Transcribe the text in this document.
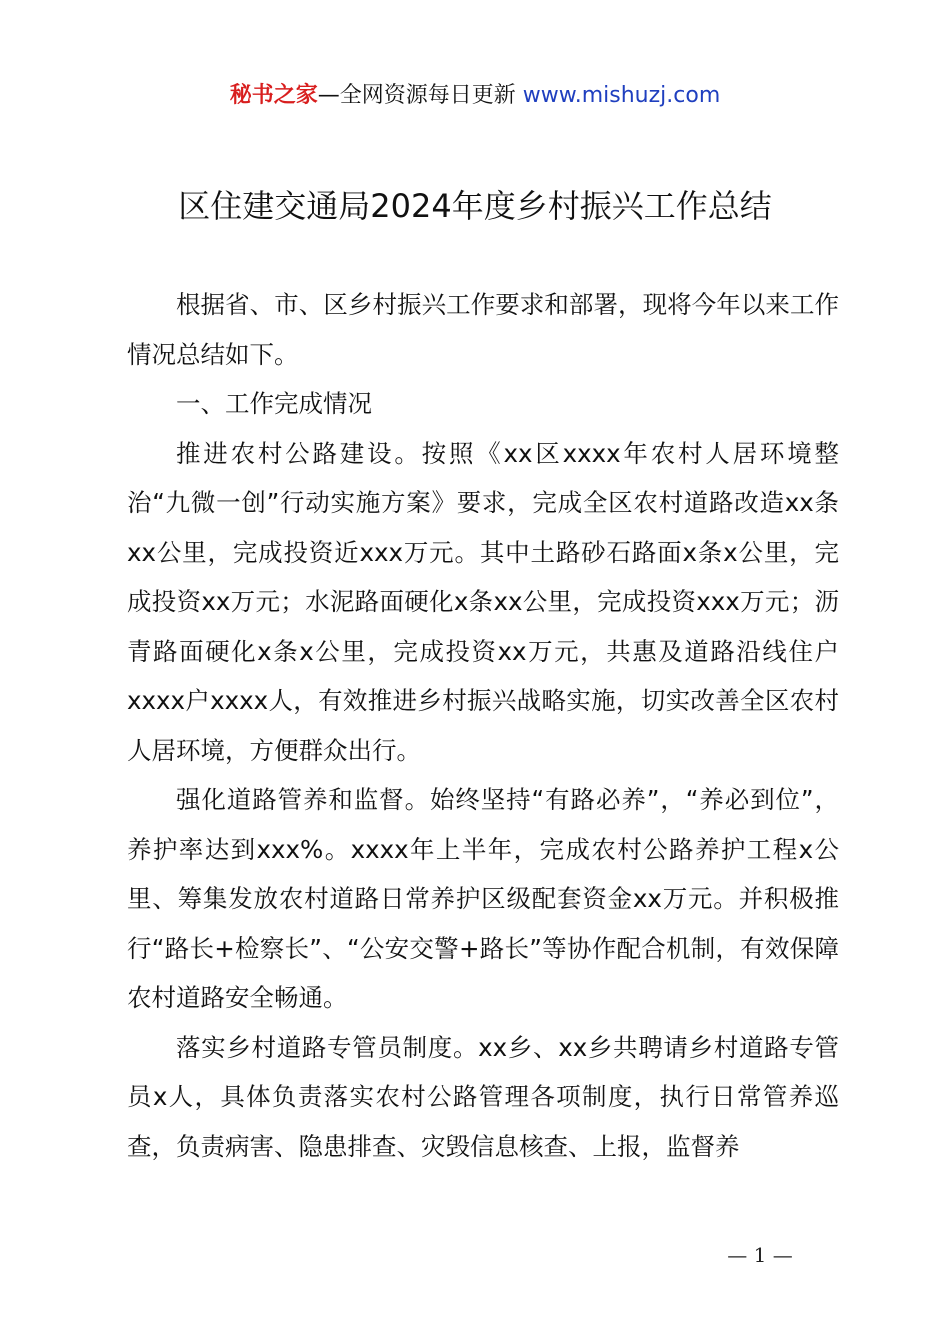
秘书之家—全网资源每日更新 www.mishuzj.com
区住建交通局2024年度乡村振兴工作总结

根据省、市、区乡村振兴工作要求和部署，现将今年以来工作情况总结如下。

一、工作完成情况

推进农村公路建设。按照《xx区xxxx年农村人居环境整治“九微一创”行动实施方案》要求，完成全区农村道路改造xx条xx公里，完成投资近xxx万元。其中土路砂石路面x条x公里，完成投资xx万元；水泥路面硬化x条xx公里，完成投资xxx万元；沥青路面硬化x条x公里，完成投资xx万元，共惠及道路沿线住户xxxx户xxxx人，有效推进乡村振兴战略实施，切实改善全区农村人居环境，方便群众出行。

强化道路管养和监督。始终坚持“有路必养”，“养必到位”，养护率达到xxx%。xxxx年上半年，完成农村公路养护工程x公里、筹集发放农村道路日常养护区级配套资金xx万元。并积极推行“路长+检察长”、“公安交警+路长”等协作配合机制，有效保障农村道路安全畅通。

落实乡村道路专管员制度。xx乡、xx乡共聘请乡村道路专管员x人，具体负责落实农村公路管理各项制度，执行日常管养巡查，负责病害、隐患排查、灾毁信息核查、上报，监督养

— 1 —
